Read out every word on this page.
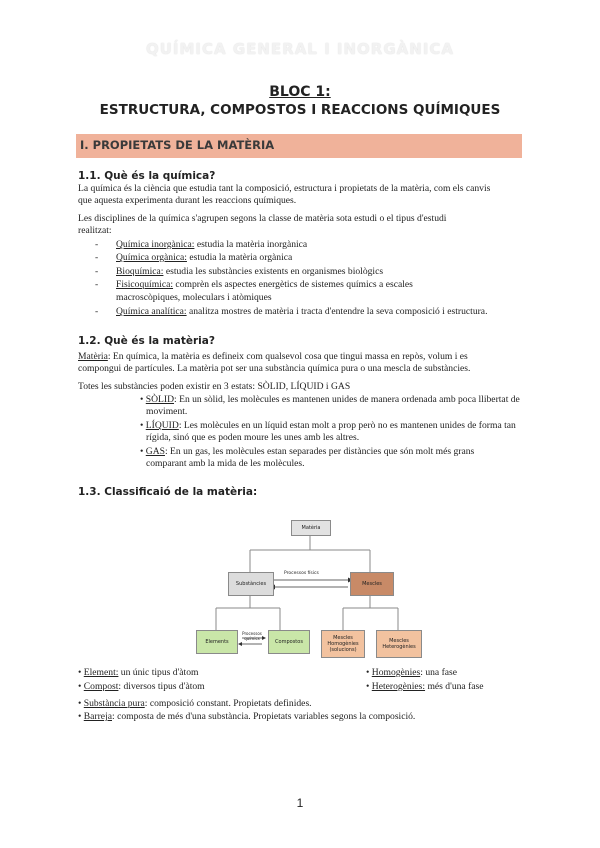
QUÍMICA GENERAL I INORGÀNICA
BLOC 1:
ESTRUCTURA, COMPOSTOS I REACCIONS QUÍMIQUES
I. PROPIETATS DE LA MATÈRIA
1.1. Què és la química?

La química és la ciència que estudia tant la composició, estructura i propietats de la matèria, com els canvis

que aquesta experimenta durant les reaccions químiques.

Les disciplines de la química s'agrupen segons la classe de matèria sota estudi o el tipus d'estudi

realitzat:

- Química inorgànica: estudia la matèria inorgànica
- Química orgànica: estudia la matèria orgànica
- Bioquímica: estudia les substàncies existents en organismes biològics
- Fisicoquímica: comprèn els aspectes energètics de sistemes químics a escales
macroscòpiques, moleculars i atòmiques
- Química analítica: analitza mostres de matèria i tracta d'entendre la seva composició i estructura.
1.2. Què és la matèria?

Matèria: En química, la matèria es defineix com qualsevol cosa que tingui massa en repòs, volum i es

compongui de partícules. La matèria pot ser una substància química pura o una mescla de substàncies.

Totes les substàncies poden existir en 3 estats: SÒLID, LÍQUID i GAS

• SÒLID: En un sòlid, les molècules es mantenen unides de manera ordenada amb poca llibertat de
moviment.
• LÍQUID: Les molècules en un líquid estan molt a prop però no es mantenen unides de forma tan
rígida, sinó que es poden moure les unes amb les altres.
• GAS: En un gas, les molècules estan separades per distàncies que són molt més grans
comparant amb la mida de les molècules.
1.3. Classificaió de la matèria:
Matèria
Substàncies	Mescles
Processos físics
Elements	Compostos
Processos químics	Mescles Homogènies (solucions)
Mescles Heterogènies
• Element: un únic tipus d'àtom
• Compost: diversos tipus d'àtom
• Homogènies: una fase
• Heterogènies: més d'una fase
• Substància pura: composició constant. Propietats definides.
• Barreja: composta de més d'una substància. Propietats variables segons la composició.
1
